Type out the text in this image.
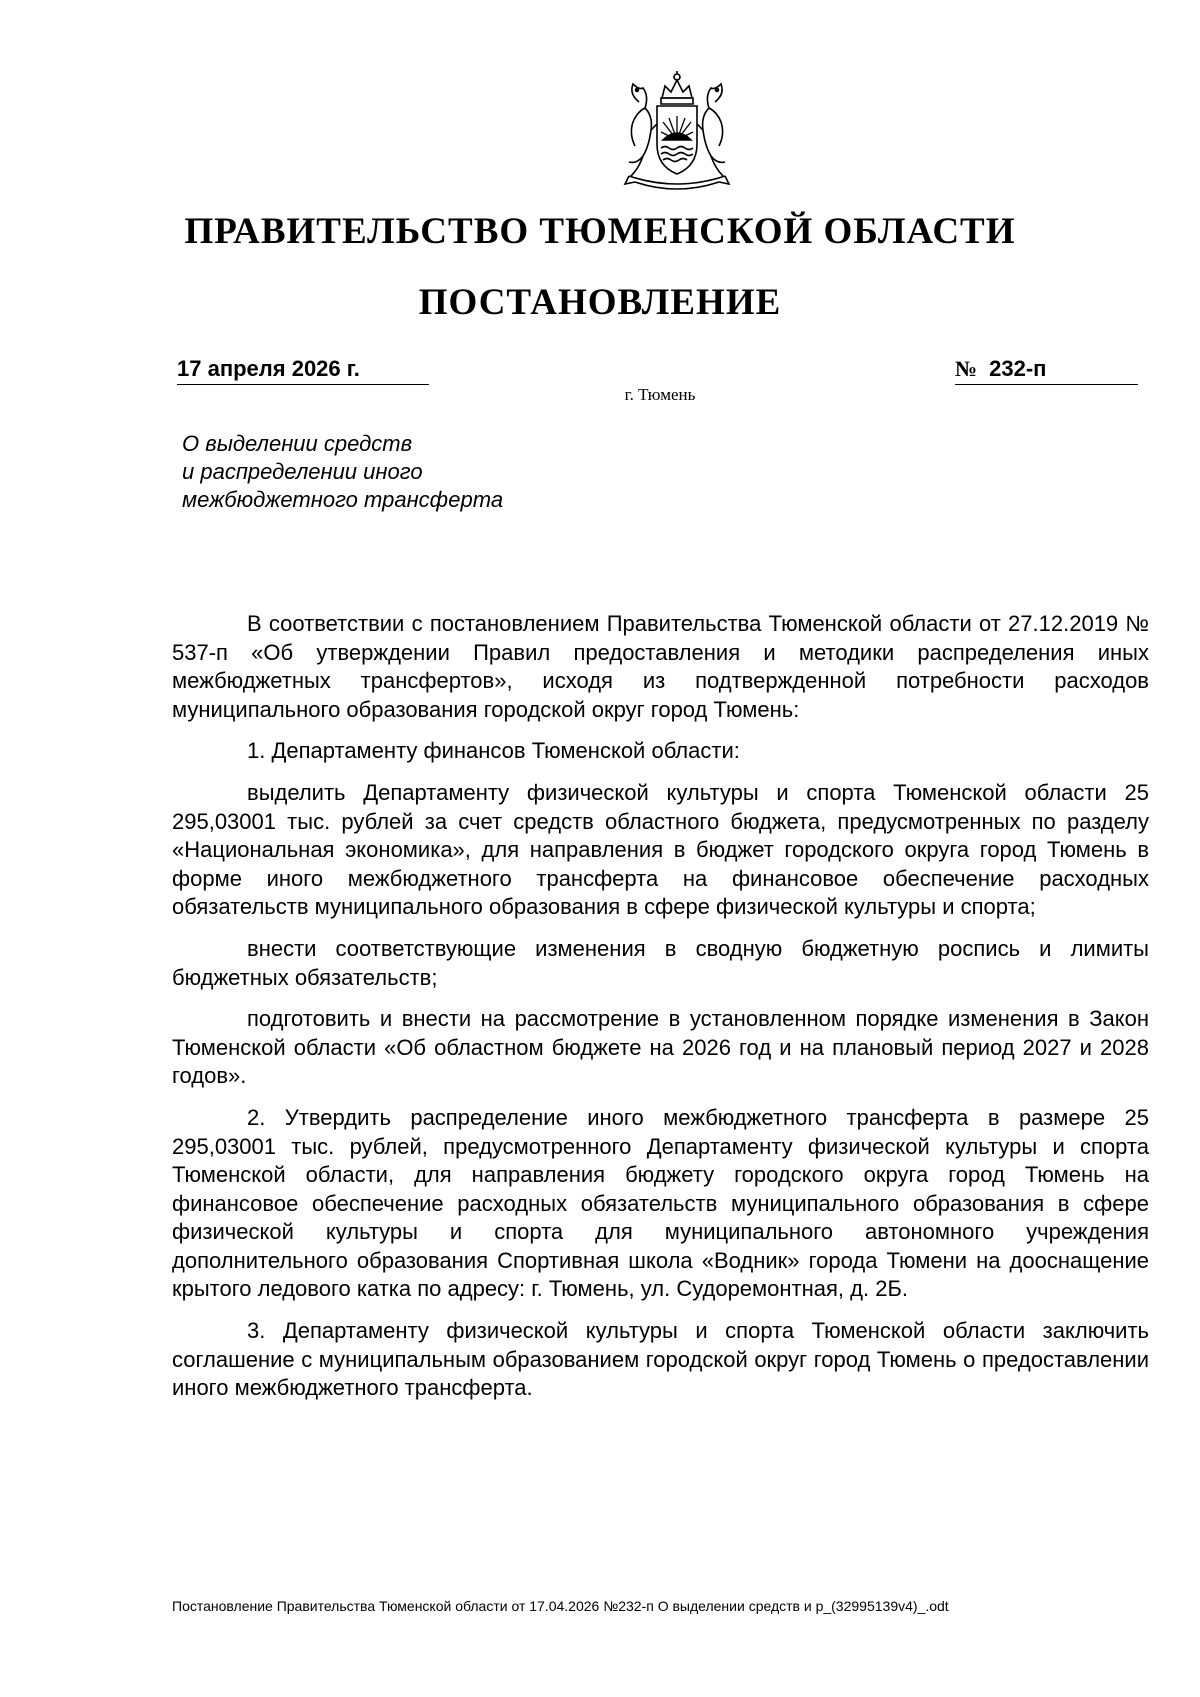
ПРАВИТЕЛЬСТВО ТЮМЕНСКОЙ ОБЛАСТИ
ПОСТАНОВЛЕНИЕ
17 апреля 2026 г.	№ 232-п
г. Тюмень
О выделении средств
и распределении иного
межбюджетного трансферта

В соответствии с постановлением Правительства Тюменской области от 27.12.2019 № 537-п «Об утверждении Правил предоставления и методики распределения иных межбюджетных трансфертов», исходя из подтвержденной потребности расходов муниципального образования городской округ город Тюмень:

1. Департаменту финансов Тюменской области:

выделить Департаменту физической культуры и спорта Тюменской области 25 295,03001 тыс. рублей за счет средств областного бюджета, предусмотренных по разделу «Национальная экономика», для направления в бюджет городского округа город Тюмень в форме иного межбюджетного трансферта на финансовое обеспечение расходных обязательств муниципального образования в сфере физической культуры и спорта;

внести соответствующие изменения в сводную бюджетную роспись и лимиты бюджетных обязательств;

подготовить и внести на рассмотрение в установленном порядке изменения в Закон Тюменской области «Об областном бюджете на 2026 год и на плановый период 2027 и 2028 годов».

2. Утвердить распределение иного межбюджетного трансферта в размере 25 295,03001 тыс. рублей, предусмотренного Департаменту физической культуры и спорта Тюменской области, для направления бюджету городского округа город Тюмень на финансовое обеспечение расходных обязательств муниципального образования в сфере физической культуры и спорта для муниципального автономного учреждения дополнительного образования Спортивная школа «Водник» города Тюмени на дооснащение крытого ледового катка по адресу: г. Тюмень, ул. Судоремонтная, д. 2Б.

3. Департаменту физической культуры и спорта Тюменской области заключить соглашение с муниципальным образованием городской округ город Тюмень о предоставлении иного межбюджетного трансферта.

Постановление Правительства Тюменской области от 17.04.2026 №232-п О выделении средств и р_(32995139v4)_.odt
